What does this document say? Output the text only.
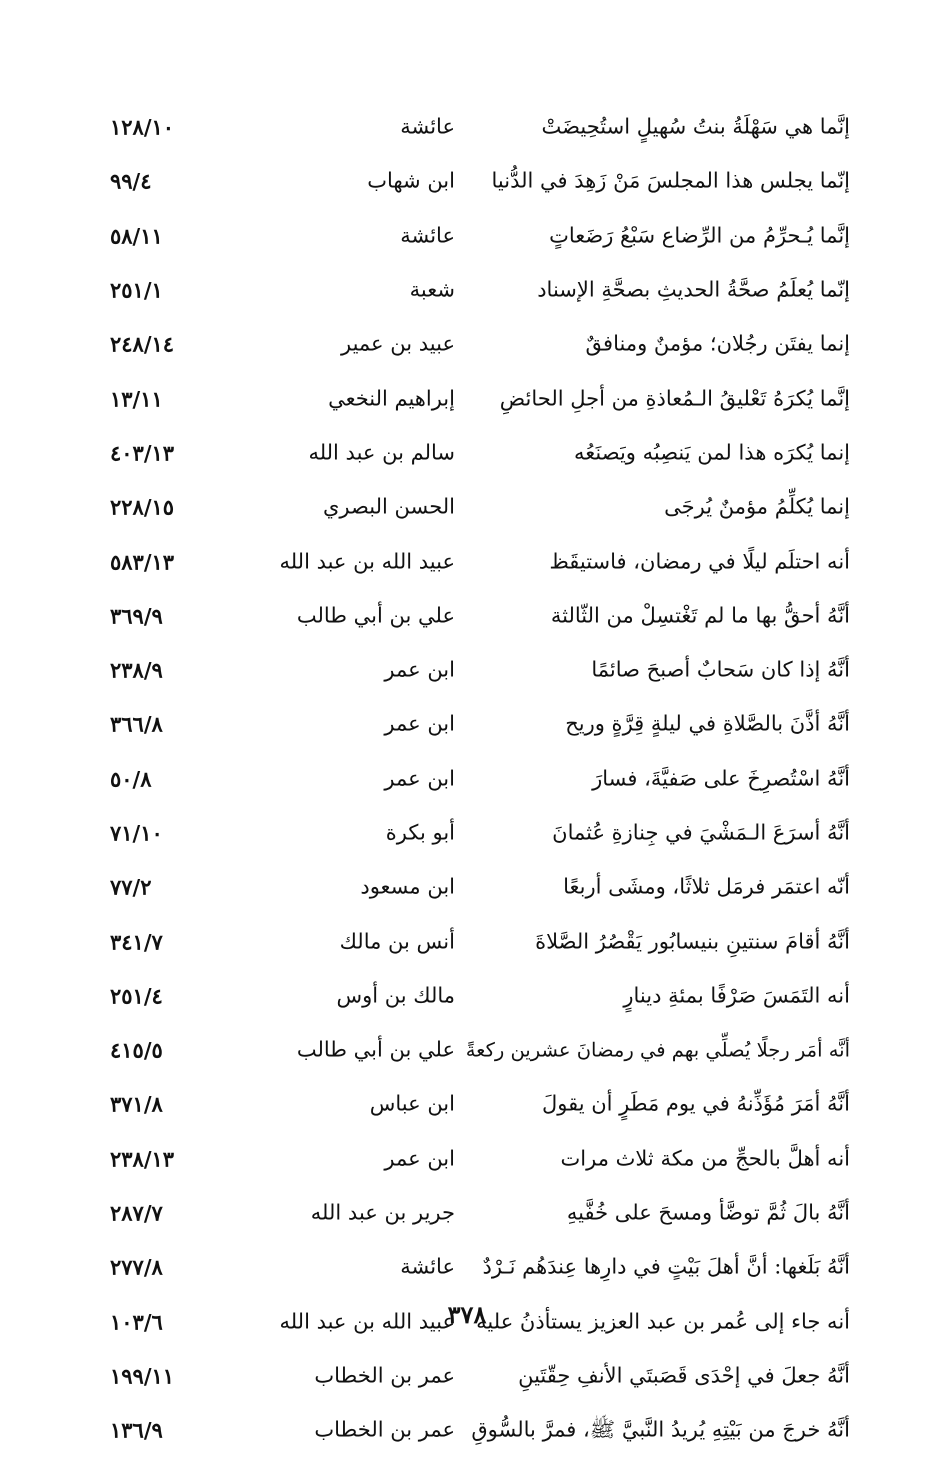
إنَّما هي سَهْلَةُ بنتُ سُهيلٍ استُحِيضَتْ
عائشة
١٢٨/١٠
إنّما يجلس هذا المجلسَ مَنْ زَهِدَ في الدُّنيا
ابن شهاب
٩٩/٤
إنَّما يُـحرِّمُ من الرِّضاع سَبْعُ رَضَعاتٍ
عائشة
٥٨/١١
إنّما يُعلَمُ صحَّةُ الحديثِ بصحَّةِ الإسناد
شعبة
٢٥١/١
إنما يفتَن رجُلان؛ مؤمنٌ ومنافقٌ
عبيد بن عمير
٢٤٨/١٤
إنَّما يُكرَهُ تَعْليقُ الـمُعاذةِ من أجلِ الحائضِ
إبراهيم النخعي
١٣/١١
إنما يُكرَه هذا لمن يَنصِبُه ويَصنَعُه
سالم بن عبد الله
٤٠٣/١٣
إنما يُكلِّمُ مؤمنٌ يُرجَى
الحسن البصري
٢٢٨/١٥
أنه احتلَم ليلًا في رمضان، فاستيقَظ
عبيد الله بن عبد الله
٥٨٣/١٣
أنَّهُ أحقُّ بها ما لم تَغْتسِلْ من الثّالثة
علي بن أبي طالب
٣٦٩/٩
أنَّهُ إذا كان سَحابٌ أصبحَ صائمًا
ابن عمر
٢٣٨/٩
أنَّهُ أذَّنَ بالصَّلاةِ في ليلةٍ قِرَّةٍ وريح
ابن عمر
٣٦٦/٨
أنَّهُ اسْتُصرِخَ على صَفيَّةَ، فسارَ
ابن عمر
٥٠/٨
أنَّهُ أسرَعَ الـمَشْيَ في جِنازةِ عُثمانَ
أبو بكرة
٧١/١٠
أنّه اعتمَر فرمَل ثلاثًا، ومشَى أربعًا
ابن مسعود
٧٧/٢
أنَّهُ أقامَ سنتينِ بنيسابُور يَقْصُرُ الصَّلاةَ
أنس بن مالك
٣٤١/٧
أنه التَمَسَ صَرْفًا بمئةِ دينارٍ
مالك بن أوس
٢٥١/٤
أنَّه أمَر رجلًا يُصلِّي بهم في رمضانَ عشرين ركعةً
علي بن أبي طالب
٤١٥/٥
أنَّهُ أمَرَ مُؤَذِّنهُ في يوم مَطَرٍ أن يقولَ
ابن عباس
٣٧١/٨
أنه أهلَّ بالحجِّ من مكة ثلاث مرات
ابن عمر
٢٣٨/١٣
أنَّهُ بالَ ثُمَّ توضَّأ ومسحَ على خُفَّيهِ
جرير بن عبد الله
٢٨٧/٧
أنَّهُ بَلَغها: أنَّ أهلَ بَيْتٍ في دارِها عِندَهُم نَـرْدٌ
عائشة
٢٧٧/٨
أنه جاء إلى عُمر بن عبد العزيز يستأذنُ عليه
عبيد الله بن عبد الله
١٠٣/٦
أنَّهُ جعلَ في إحْدَى قَصَبتَي الأنفِ حِقّتَينِ
عمر بن الخطاب
١٩٩/١١
أنَّهُ خرجَ من بَيْتِهِ يُريدُ النَّبيَّ ﷺ، فمرَّ بالسُّوقِ
عمر بن الخطاب
١٣٦/٩
٣٧٨
